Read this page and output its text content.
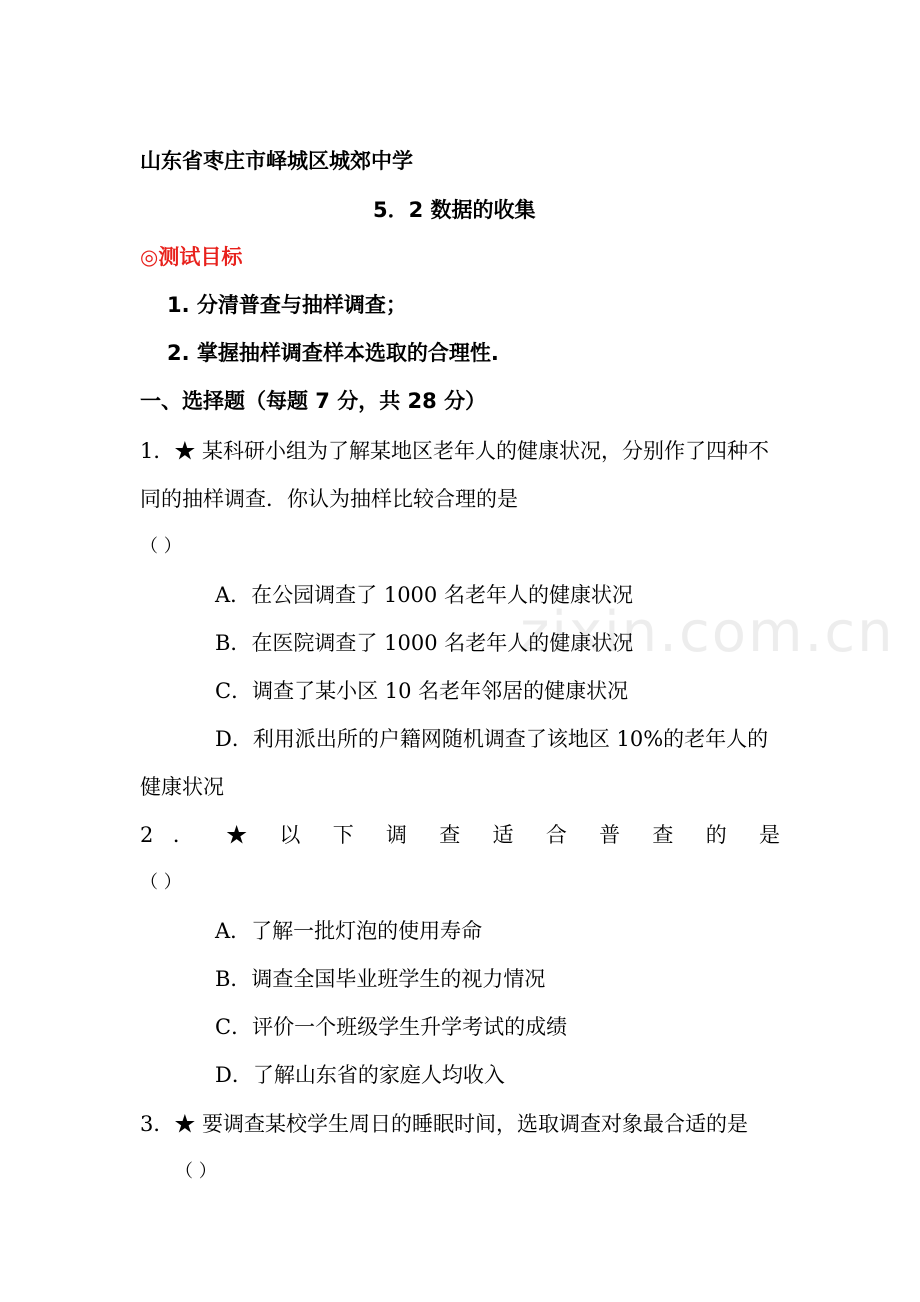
zixin.com.cn
山东省枣庄市峄城区城郊中学
5．2 数据的收集
◎测试目标
1. 分清普查与抽样调查；
2. 掌握抽样调查样本选取的合理性.
一、选择题（每题 7 分，共 28 分）
1．★ 某科研小组为了解某地区老年人的健康状况，分别作了四种不
同的抽样调查．你认为抽样比较合理的是
（ ）
A．在公园调查了 1000 名老年人的健康状况
B．在医院调查了 1000 名老年人的健康状况
C．调查了某小区 10 名老年邻居的健康状况
D．利用派出所的户籍网随机调查了该地区 10%的老年人的
健康状况
2 ． ★ 以 下 调 查 适 合 普 查 的 是
（ ）
A．了解一批灯泡的使用寿命
B．调查全国毕业班学生的视力情况
C．评价一个班级学生升学考试的成绩
D．了解山东省的家庭人均收入
3．★ 要调查某校学生周日的睡眠时间，选取调查对象最合适的是
（ ）
